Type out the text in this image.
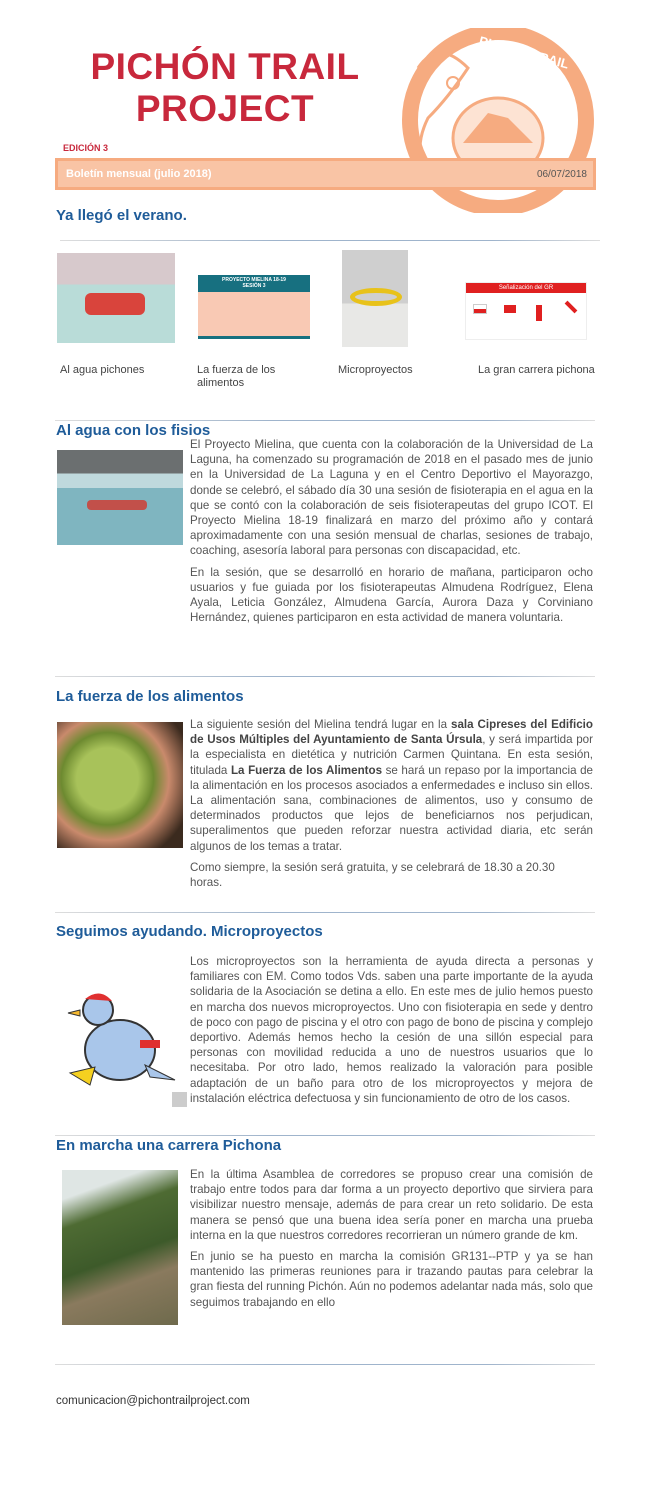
PICHÓN TRAIL
PICHÓN TRAIL
PROJECT
EDICIÓN 3
Boletín mensual (julio 2018)	06/07/2018
Ya llegó el verano.
PROYECTO MIELINA 18-19
SESIÓN 3	Señalización del GR
Al agua pichones	La fuerza de los alimentos
Microproyectos	La gran carrera pichona
Al agua con los fisios

El Proyecto Mielina, que cuenta con la colaboración de la Universidad de La Laguna, ha comenzado su programación de 2018 en el pasado mes de junio en la Universidad de La Laguna y en el Centro Deportivo el Mayorazgo, donde se celebró, el sábado día 30 una sesión de fisioterapia en el agua en la que se contó con la colaboración de seis fisioterapeutas del grupo ICOT. El Proyecto Mielina 18-19 finalizará en marzo del próximo año y contará aproximadamente con una sesión mensual de charlas, sesiones de trabajo, coaching, asesoría laboral para personas con discapacidad, etc.

En la sesión, que se desarrolló en horario de mañana, participaron ocho usuarios y fue guiada por los fisioterapeutas Almudena Rodríguez, Elena Ayala, Leticia González, Almudena García, Aurora Daza y Corviniano Hernández, quienes participaron en esta actividad de manera voluntaria.

La fuerza de los alimentos

La siguiente sesión del Mielina tendrá lugar en la sala Cipreses del Edificio de Usos Múltiples del Ayuntamiento de Santa Úrsula, y será impartida por la especialista en dietética y nutrición Carmen Quintana. En esta sesión, titulada La Fuerza de los Alimentos se hará un repaso por la importancia de la alimentación en los procesos asociados a enfermedades e incluso sin ellos. La alimentación sana, combinaciones de alimentos, uso y consumo de determinados productos que lejos de beneficiarnos nos perjudican, superalimentos que pueden reforzar nuestra actividad diaria, etc serán algunos de los temas a tratar.

Como siempre, la sesión será gratuita, y se celebrará de 18.30 a 20.30 horas.

Seguimos ayudando. Microproyectos

Los microproyectos son la herramienta de ayuda directa a personas y familiares con EM. Como todos Vds. saben una parte importante de la ayuda solidaria de la Asociación se detina a ello. En este mes de julio hemos puesto en marcha dos nuevos microproyectos. Uno con fisioterapia en sede y dentro de poco con pago de piscina y el otro con pago de bono de piscina y complejo deportivo. Además hemos hecho la cesión de una sillón especial para personas con movilidad reducida a uno de nuestros usuarios que lo necesitaba. Por otro lado, hemos realizado la valoración para posible adaptación de un baño para otro de los microproyectos y mejora de instalación eléctrica defectuosa y sin funcionamiento de otro de los casos.

En marcha una carrera Pichona

En la última Asamblea de corredores se propuso crear una comisión de trabajo entre todos para dar forma a un proyecto deportivo que sirviera para visibilizar nuestro mensaje, además de para crear un reto solidario. De esta manera se pensó que una buena idea sería poner en marcha una prueba interna en la que nuestros corredores recorrieran un número grande de km.

En junio se ha puesto en marcha la comisión GR131--PTP y ya se han mantenido las primeras reuniones para ir trazando pautas para celebrar la gran fiesta del running Pichón. Aún no podemos adelantar nada más, solo que seguimos trabajando en ello

comunicacion@pichontrailproject.com
